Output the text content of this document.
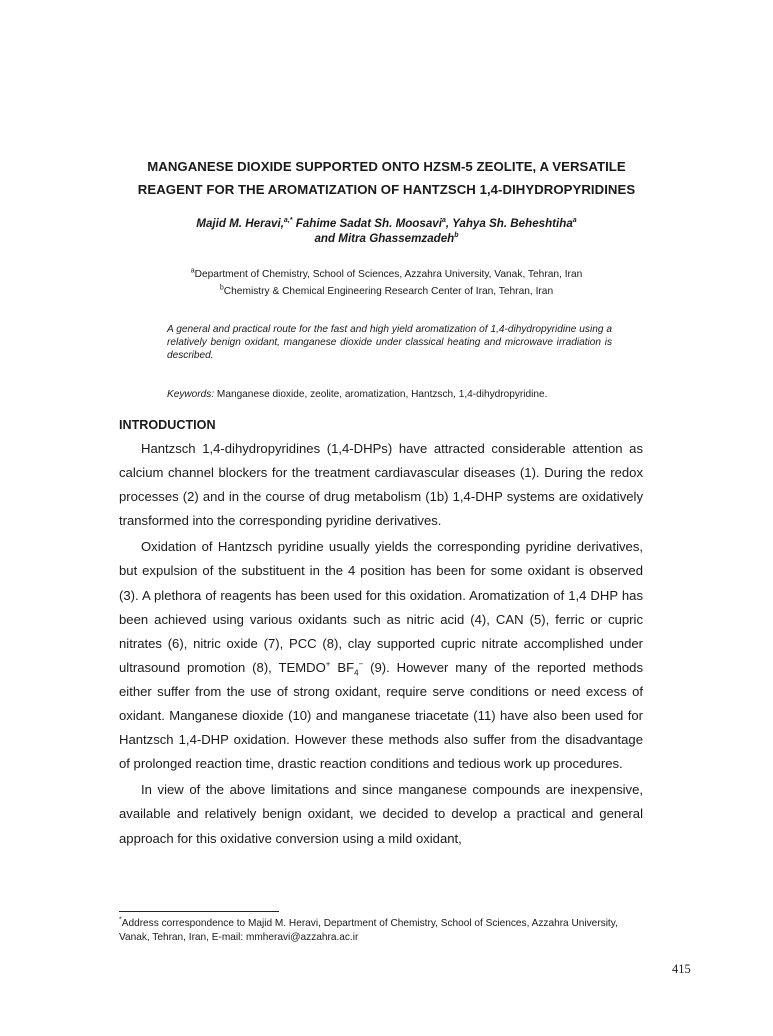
MANGANESE DIOXIDE SUPPORTED ONTO HZSM-5 ZEOLITE, A VERSATILE
REAGENT FOR THE AROMATIZATION OF HANTZSCH 1,4-DIHYDROPYRIDINES
Majid M. Heravi,$^{a,*}$ Fahime Sadat Sh. Moosavi$^a$, Yahya Sh. Beheshtiha$^a$
and Mitra Ghassemzadeh$^b$
$^a$Department of Chemistry, School of Sciences, Azzahra University, Vanak, Tehran, Iran
$^b$Chemistry & Chemical Engineering Research Center of Iran, Tehran, Iran
A general and practical route for the fast and high yield aromatization of 1,4-dihydropyridine using a relatively benign oxidant, manganese dioxide under classical heating and microwave irradiation is described.
Keywords: Manganese dioxide, zeolite, aromatization, Hantzsch, 1,4-dihydropyridine.
INTRODUCTION

Hantzsch 1,4-dihydropyridines (1,4-DHPs) have attracted considerable attention as calcium channel blockers for the treatment cardiavascular diseases (1). During the redox processes (2) and in the course of drug metabolism (1b) 1,4-DHP systems are oxidatively transformed into the corresponding pyridine derivatives.

Oxidation of Hantzsch pyridine usually yields the corresponding pyridine derivatives, but expulsion of the substituent in the 4 position has been for some oxidant is observed (3). A plethora of reagents has been used for this oxidation. Aromatization of 1,4 DHP has been achieved using various oxidants such as nitric acid (4), CAN (5), ferric or cupric nitrates (6), nitric oxide (7), PCC (8), clay supported cupric nitrate accomplished under ultrasound promotion (8), TEMDO+ $BF_4^-$ (9). However many of the reported methods either suffer from the use of strong oxidant, require serve conditions or need excess of oxidant. Manganese dioxide (10) and manganese triacetate (11) have also been used for Hantzsch 1,4-DHP oxidation. However these methods also suffer from the disadvantage of prolonged reaction time, drastic reaction conditions and tedious work up procedures.

In view of the above limitations and since manganese compounds are inexpensive, available and relatively benign oxidant, we decided to develop a practical and general approach for this oxidative conversion using a mild oxidant,

*Address correspondence to Majid M. Heravi, Department of Chemistry, School of Sciences, Azzahra University, Vanak, Tehran, Iran, E-mail: mmheravi@azzahra.ac.ir
415
